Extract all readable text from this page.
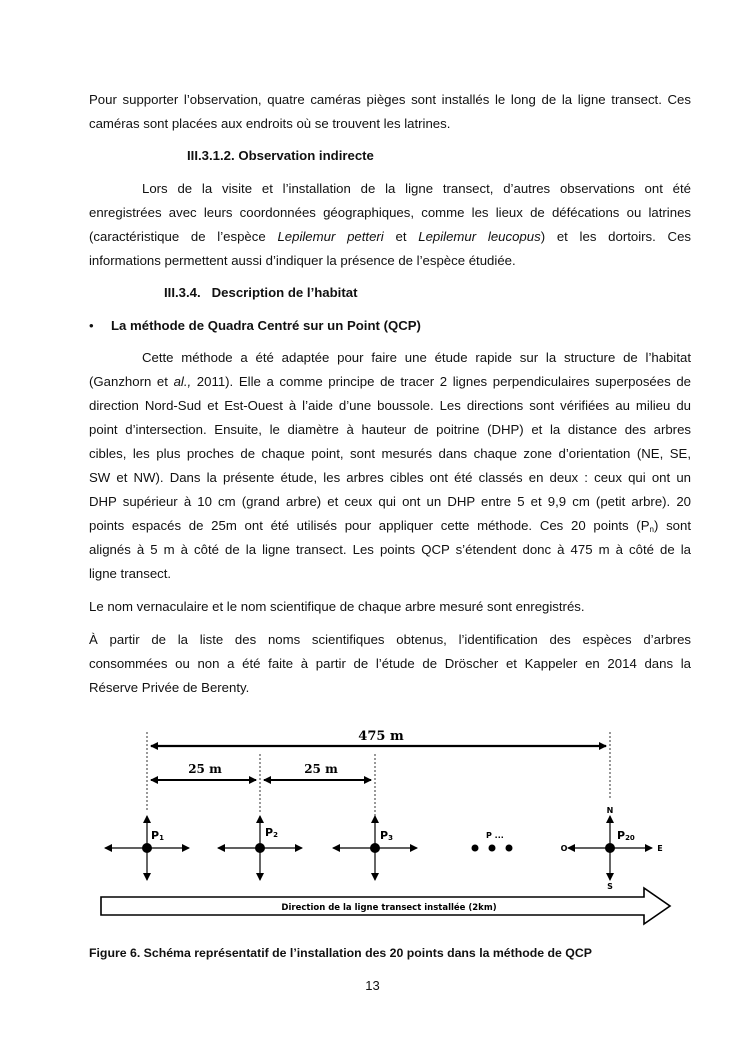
Pour supporter l’observation, quatre caméras pièges sont installés le long de la ligne transect. Ces
caméras sont placées aux endroits où se trouvent les latrines.
III.3.1.2. Observation indirecte
Lors de la visite et l’installation de la ligne transect, d’autres observations ont été
enregistrées avec leurs coordonnées géographiques, comme les lieux de défécations ou latrines
(caractéristique de l’espèce Lepilemur petteri et Lepilemur leucopus) et les dortoirs. Ces
informations permettent aussi d’indiquer la présence de l’espèce étudiée.
III.3.4.   Description de l’habitat
• La méthode de Quadra Centré sur un Point (QCP)
Cette méthode a été adaptée pour faire une étude rapide sur la structure de l’habitat
(Ganzhorn et al., 2011). Elle a comme principe de tracer 2 lignes perpendiculaires superposées de
direction Nord-Sud et Est-Ouest à l’aide d’une boussole. Les directions sont vérifiées au milieu du
point d’intersection. Ensuite, le diamètre à hauteur de poitrine (DHP) et la distance des arbres
cibles, les plus proches de chaque point, sont mesurés dans chaque zone d’orientation (NE, SE,
SW et NW). Dans la présente étude, les arbres cibles ont été classés en deux : ceux qui ont un
DHP supérieur à 10 cm (grand arbre) et ceux qui ont un DHP entre 5 et 9,9 cm (petit arbre). 20
points espacés de 25m ont été utilisés pour appliquer cette méthode. Ces 20 points $(P_n)$ sont
alignés à 5 m à côté de la ligne transect. Les points QCP s’étendent donc à 475 m à côté de la
ligne transect.
Le nom vernaculaire et le nom scientifique de chaque arbre mesuré sont enregistrés.
À partir de la liste des noms scientifiques obtenus, l’identification des espèces d’arbres
consommées ou non a été faite à partir de l’étude de Dröscher et Kappeler en 2014 dans la
Réserve Privée de Berenty.
475 m
25 m	25 m
P1	P2	P3	P ...	P20
N
S
O	E
Direction de la ligne transect installée (2km)
Figure 6. Schéma représentatif de l’installation des 20 points dans la méthode de QCP
13
